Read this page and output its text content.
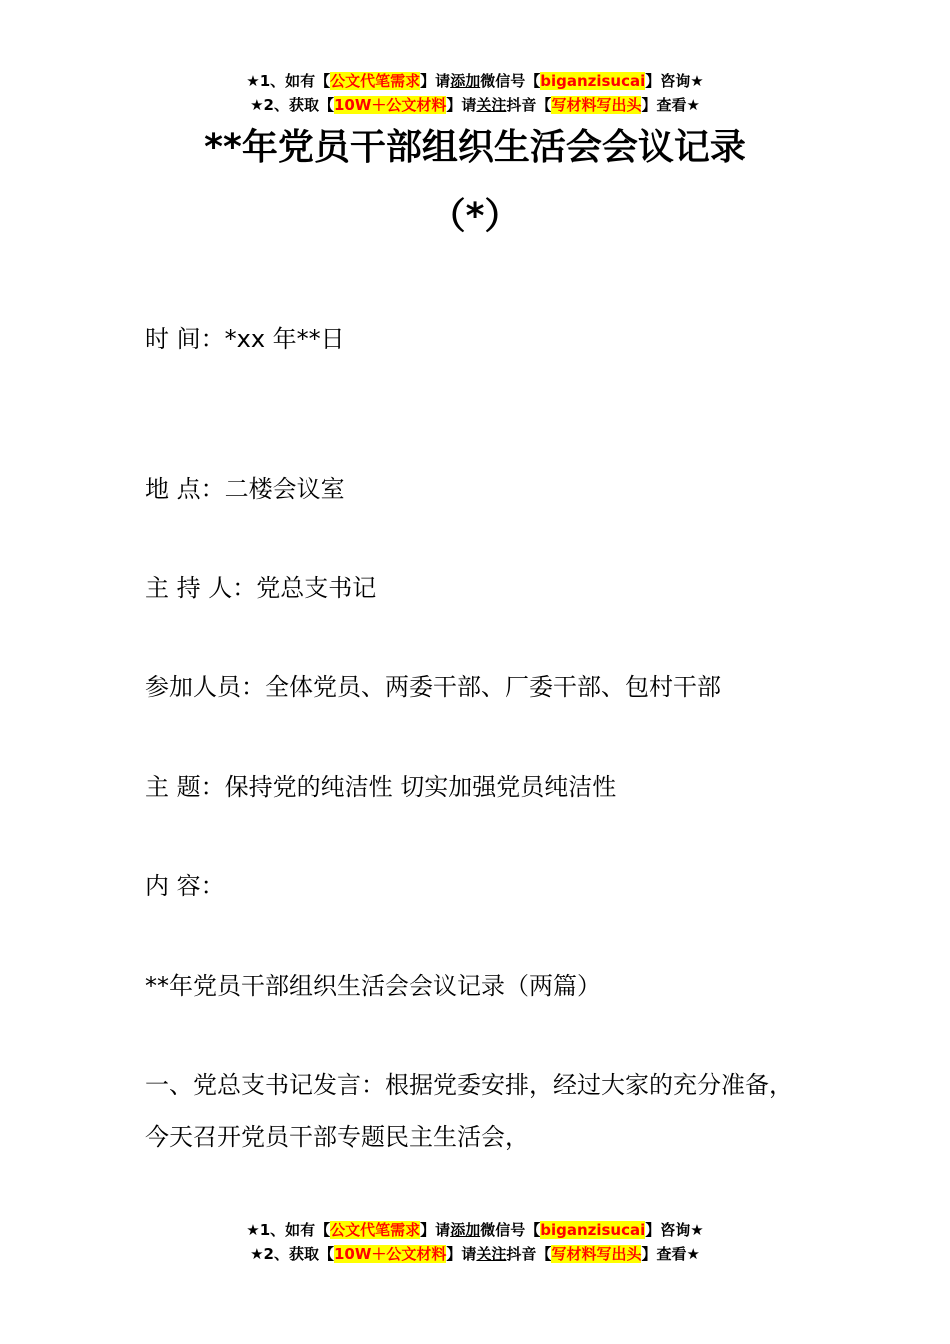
★1、如有【公文代笔需求】请添加微信号【biganzisucai】咨询★
★2、获取【10W＋公文材料】请关注抖音【写材料写出头】查看★
**年党员干部组织生活会会议记录
（*）
时 间：*xx 年**日
地 点：二楼会议室
主 持 人：党总支书记
参加人员：全体党员、两委干部、厂委干部、包村干部
主 题：保持党的纯洁性 切实加强党员纯洁性
内 容：
**年党员干部组织生活会会议记录（两篇）
一、党总支书记发言：根据党委安排，经过大家的充分准备，今天召开党员干部专题民主生活会，
★1、如有【公文代笔需求】请添加微信号【biganzisucai】咨询★
★2、获取【10W＋公文材料】请关注抖音【写材料写出头】查看★
